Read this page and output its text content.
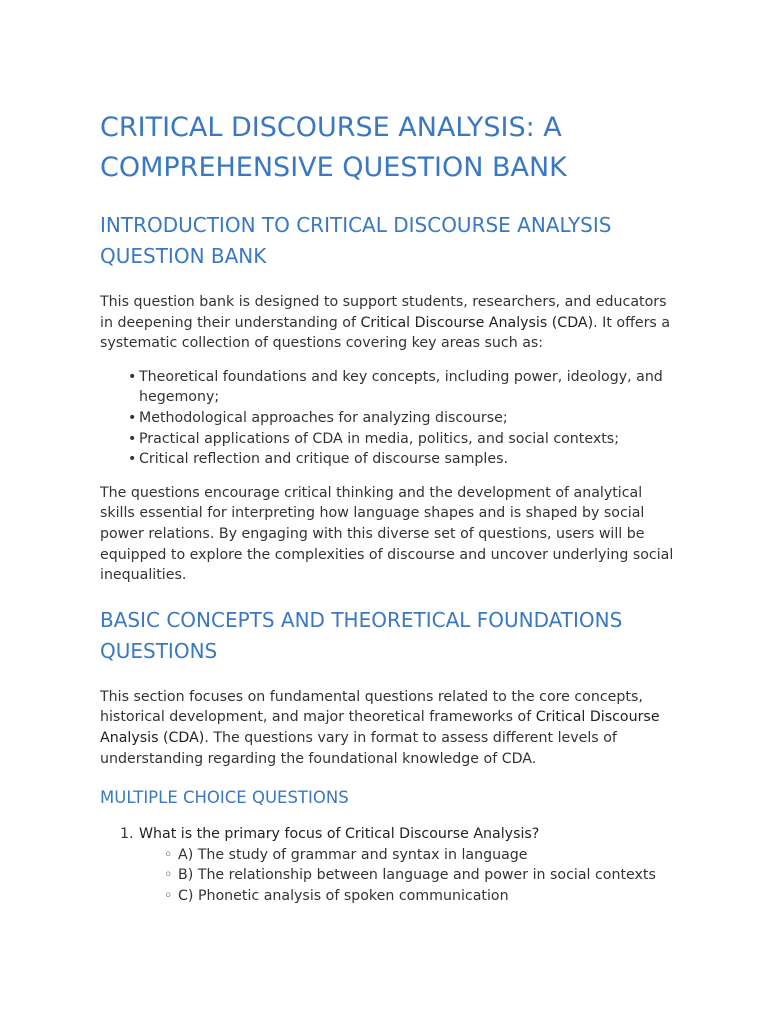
CRITICAL DISCOURSE ANALYSIS: A COMPREHENSIVE QUESTION BANK
INTRODUCTION TO CRITICAL DISCOURSE ANALYSIS QUESTION BANK

This question bank is designed to support students, researchers, and educators in deepening their understanding of Critical Discourse Analysis (CDA). It offers a systematic collection of questions covering key areas such as:

• Theoretical foundations and key concepts, including power, ideology, and hegemony;
• Methodological approaches for analyzing discourse;
• Practical applications of CDA in media, politics, and social contexts;
• Critical reflection and critique of discourse samples.

The questions encourage critical thinking and the development of analytical skills essential for interpreting how language shapes and is shaped by social power relations. By engaging with this diverse set of questions, users will be equipped to explore the complexities of discourse and uncover underlying social inequalities.

BASIC CONCEPTS AND THEORETICAL FOUNDATIONS QUESTIONS

This section focuses on fundamental questions related to the core concepts, historical development, and major theoretical frameworks of Critical Discourse Analysis (CDA). The questions vary in format to assess different levels of understanding regarding the foundational knowledge of CDA.

MULTIPLE CHOICE QUESTIONS
1. What is the primary focus of Critical Discourse Analysis?
◦ A) The study of grammar and syntax in language
◦ B) The relationship between language and power in social contexts
◦ C) Phonetic analysis of spoken communication
